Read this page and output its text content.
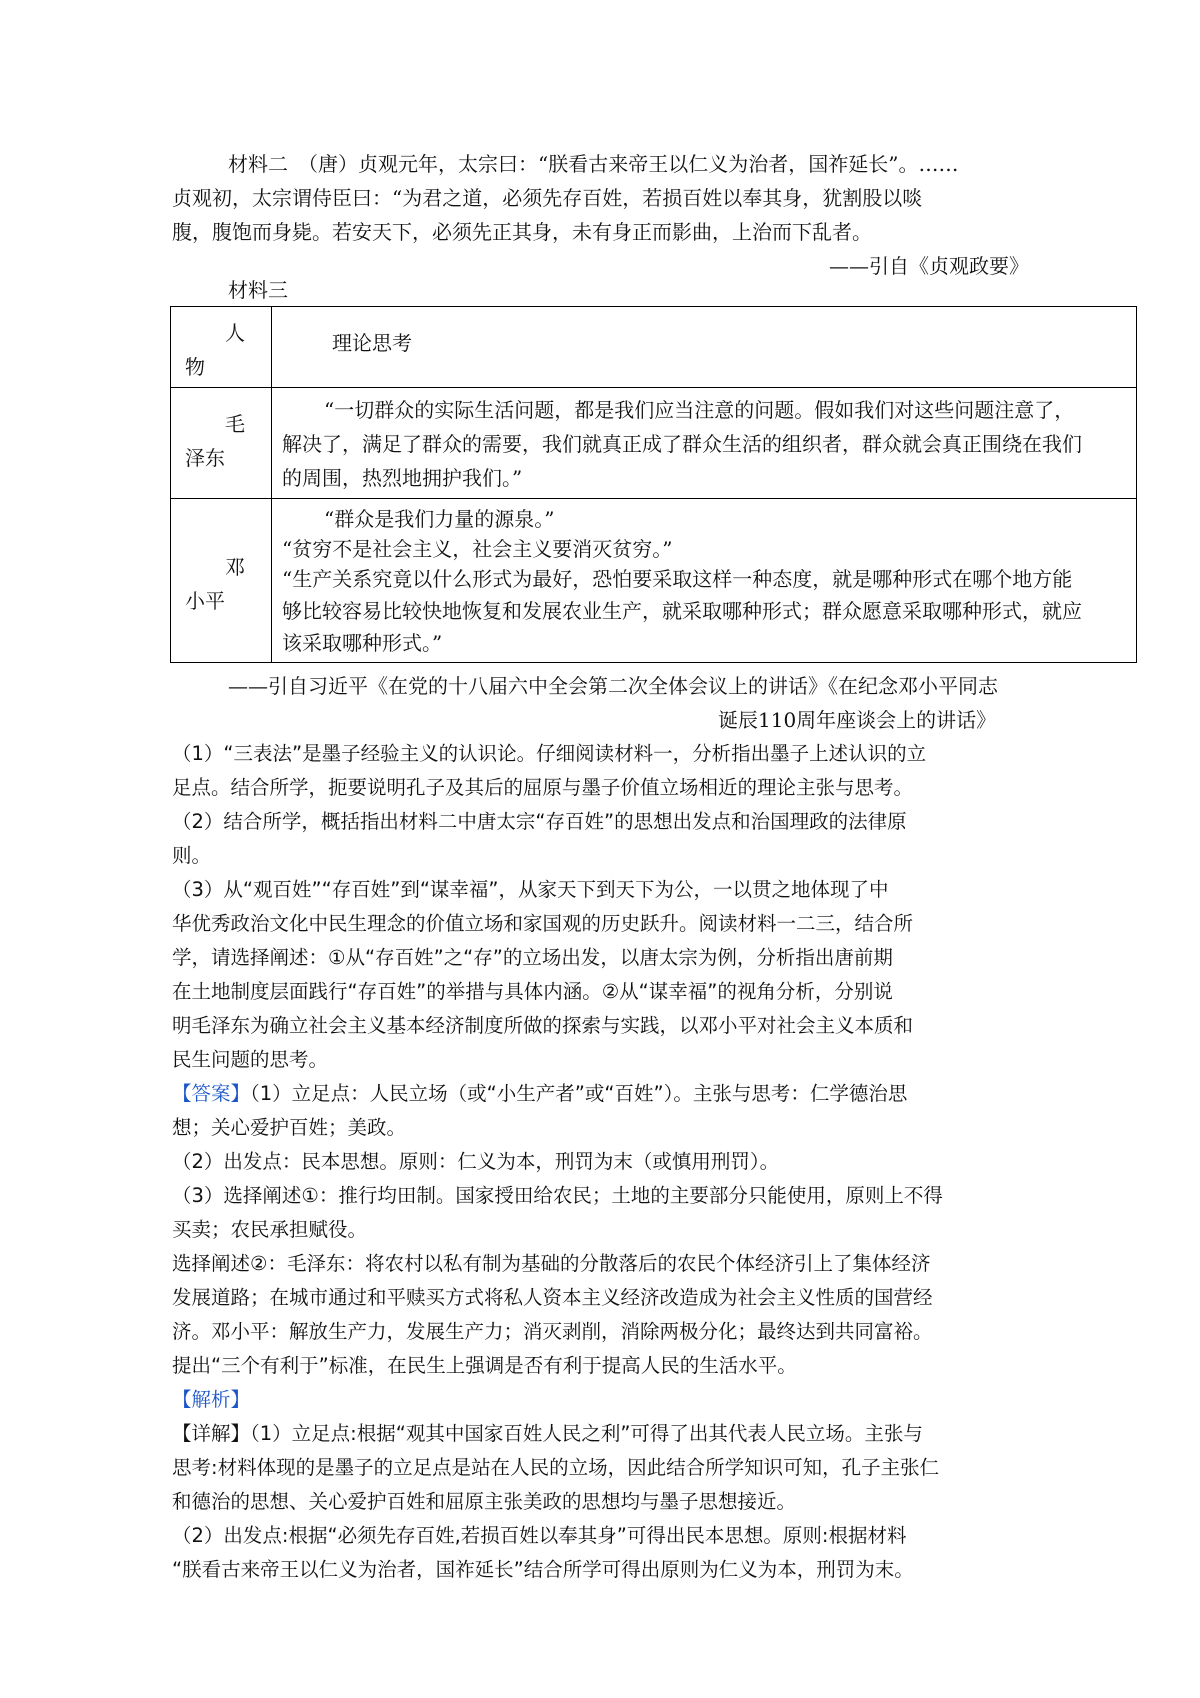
材料二　（唐）贞观元年，太宗曰：“朕看古来帝王以仁义为治者，国祚延长”。……
贞观初，太宗谓侍臣曰：“为君之道，必须先存百姓，若损百姓以奉其身，犹割股以啖
腹，腹饱而身毙。若安天下，必须先正其身，未有身正而影曲，上治而下乱者。
——引自《贞观政要》
材料三
人
物	理论思考

毛
泽东	“一切群众的实际生活问题，都是我们应当注意的问题。假如我们对这些问题注意了，
解决了，满足了群众的需要，我们就真正成了群众生活的组织者，群众就会真正围绕在我们
的周围，热烈地拥护我们。”

邓
小平	“群众是我们力量的源泉。”
“贫穷不是社会主义，社会主义要消灭贫穷。”
“生产关系究竟以什么形式为最好，恐怕要采取这样一种态度，就是哪种形式在哪个地方能
够比较容易比较快地恢复和发展农业生产，就采取哪种形式；群众愿意采取哪种形式，就应
该采取哪种形式。”
——引自习近平《在党的十八届六中全会第二次全体会议上的讲话》《在纪念邓小平同志
诞辰110周年座谈会上的讲话》
（1）“三表法”是墨子经验主义的认识论。仔细阅读材料一，分析指出墨子上述认识的立
足点。结合所学，扼要说明孔子及其后的屈原与墨子价值立场相近的理论主张与思考。
（2）结合所学，概括指出材料二中唐太宗“存百姓”的思想出发点和治国理政的法律原
则。
（3）从“观百姓”“存百姓”到“谋幸福”，从家天下到天下为公，一以贯之地体现了中
华优秀政治文化中民生理念的价值立场和家国观的历史跃升。阅读材料一二三，结合所
学，请选择阐述：①从“存百姓”之“存”的立场出发，以唐太宗为例，分析指出唐前期
在土地制度层面践行“存百姓”的举措与具体内涵。②从“谋幸福”的视角分析，分别说
明毛泽东为确立社会主义基本经济制度所做的探索与实践，以邓小平对社会主义本质和
民生问题的思考。
【答案】（1）立足点：人民立场（或“小生产者”或“百姓”）。主张与思考：仁学德治思
想；关心爱护百姓；美政。
（2）出发点：民本思想。原则：仁义为本，刑罚为末（或慎用刑罚）。
（3）选择阐述①：推行均田制。国家授田给农民；土地的主要部分只能使用，原则上不得
买卖；农民承担赋役。
选择阐述②：毛泽东：将农村以私有制为基础的分散落后的农民个体经济引上了集体经济
发展道路；在城市通过和平赎买方式将私人资本主义经济改造成为社会主义性质的国营经
济。邓小平：解放生产力，发展生产力；消灭剥削，消除两极分化；最终达到共同富裕。
提出“三个有利于”标准，在民生上强调是否有利于提高人民的生活水平。
【解析】
【详解】（1）立足点:根据“观其中国家百姓人民之利”可得了出其代表人民立场。主张与
思考:材料体现的是墨子的立足点是站在人民的立场，因此结合所学知识可知，孔子主张仁
和德治的思想、关心爱护百姓和屈原主张美政的思想均与墨子思想接近。
（2）出发点:根据“必须先存百姓,若损百姓以奉其身”可得出民本思想。原则:根据材料
“朕看古来帝王以仁义为治者，国祚延长”结合所学可得出原则为仁义为本，刑罚为末。
